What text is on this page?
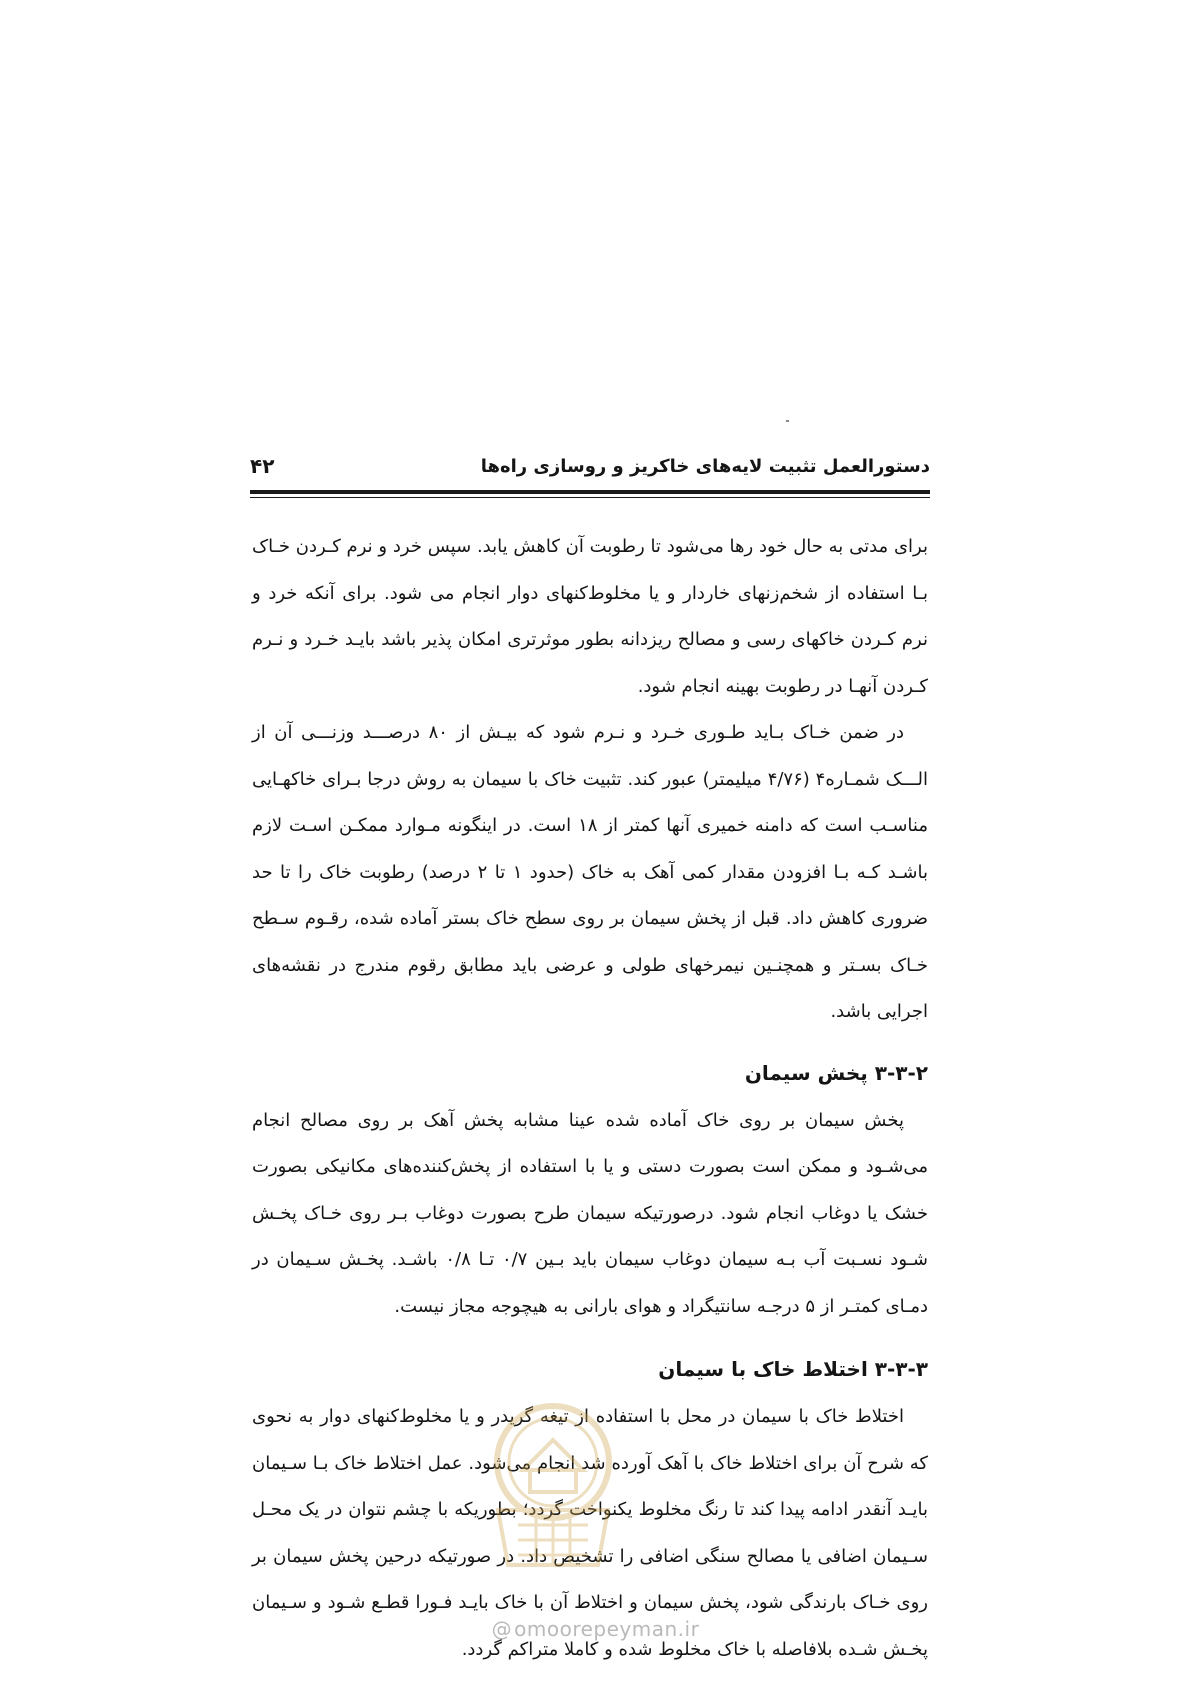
دستورالعمل تثبیت لایه‌های خاکریز و روسازی راه‌ها
۴۲

برای مدتی به حال خود رها می‌شود تا رطوبت آن کاهش یابد. سپس خرد و نرم کـردن خـاک بـا استفاده از شخم‌زنهای خاردار و یا مخلوط‌کنهای دوار انجام می شود. برای آنکه خرد و نرم کـردن خاکهای رسی و مصالح ریزدانه بطور موثرتری امکان پذیر باشد بایـد خـرد و نـرم کـردن آنهـا در رطوبت بهینه انجام شود.

در ضمن خـاک بـاید طـوری خـرد و نـرم شود که بیـش از ۸۰ درصـــد وزنـــی آن از الـــک شمـاره۴ (۴/۷۶ میلیمتر) عبور کند. تثبیت خاک با سیمان به روش درجا بـرای خاکهـایی مناسـب است که دامنه خمیری آنها کمتر از ۱۸ است. در اینگونه مـوارد ممکـن اسـت لازم باشـد کـه بـا افزودن مقدار کمی آهک به خاک (حدود ۱ تا ۲ درصد) رطوبت خاک را تا حد ضروری کاهش داد. قبل از پخش سیمان بر روی سطح خاک بستر آماده شده، رقـوم سـطح خـاک بسـتر و همچنـین نیمرخهای طولی و عرضی باید مطابق رقوم مندرج در نقشه‌های اجرایی باشد.

۳-۳-۲ پخش سیمان

پخش سیمان بر روی خاک آماده شده عینا مشابه پخش آهک بر روی مصالح انجام می‌شـود و ممکن است بصورت دستی و یا با استفاده از پخش‌کننده‌های مکانیکی بصورت خشک یا دوغاب انجام شود. درصورتیکه سیمان طرح بصورت دوغاب بـر روی خـاک پخـش شـود نسـبت آب بـه سیمان دوغاب سیمان باید بـین ۰/۷ تـا ۰/۸ باشـد. پخـش سـیمان در دمـای کمتـر از ۵ درجـه سانتیگراد و هوای بارانی به هیچوجه مجاز نیست.

۳-۳-۳ اختلاط خاک با سیمان

اختلاط خاک با سیمان در محل با استفاده از تیغه گریدر و یا مخلوط‌کنهای دوار به نحوی که شرح آن برای اختلاط خاک با آهک آورده شد انجام می‌شود. عمل اختلاط خاک بـا سـیمان بایـد آنقدر ادامه پیدا کند تا رنگ مخلوط یکنواخت گردد؛ بطوریکه با چشم نتوان در یک محـل سـیمان اضافی یا مصالح سنگی اضافی را تشخیص داد. در صورتیکه درحین پخش سیمان بر روی خـاک بارندگی شود، پخش سیمان و اختلاط آن با خاک بایـد فـورا قطـع شـود و سـیمان پخـش شـده بلافاصله با خاک مخلوط شده و کاملا متراکم گردد.

@ omoorepeyman.ir
